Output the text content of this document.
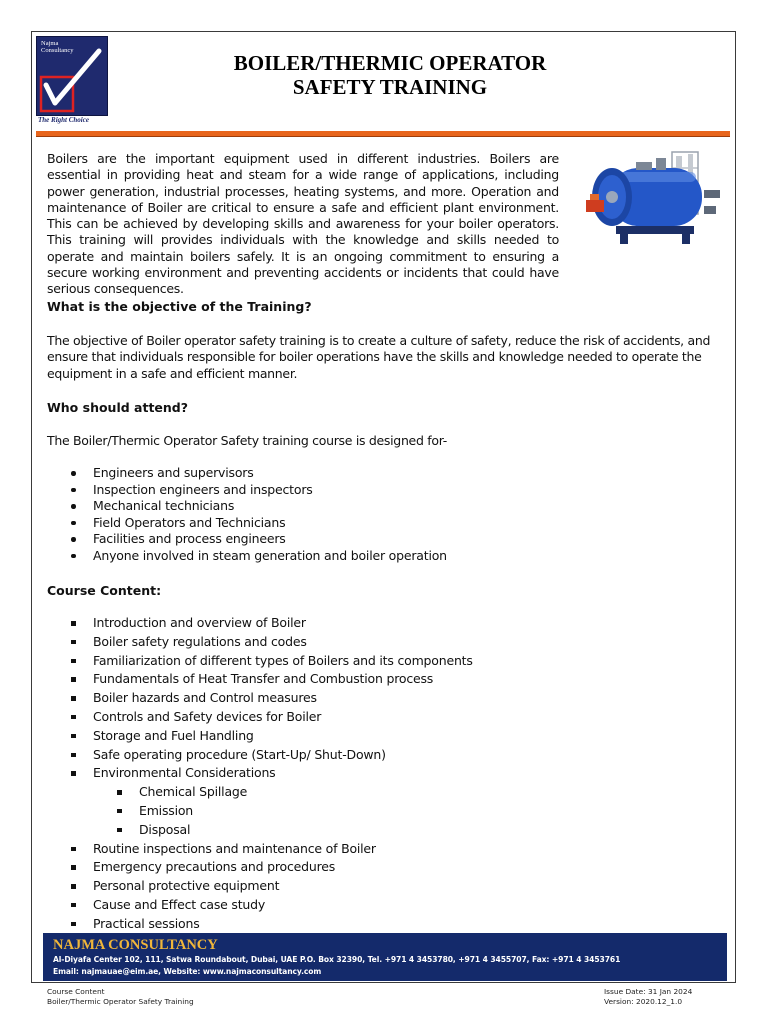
Najma
Consultancy
The Right Choice
BOILER/THERMIC OPERATOR
SAFETY TRAINING
Boilers are the important equipment used in different industries. Boilers are essential in providing heat and steam for a wide range of applications, including power generation, industrial processes, heating systems, and more. Operation and maintenance of Boiler are critical to ensure a safe and efficient plant environment. This can be achieved by developing skills and awareness for your boiler operators. This training will provides individuals with the knowledge and skills needed to operate and maintain boilers safely. It is an ongoing commitment to ensuring a secure working environment and preventing accidents or incidents that could have serious consequences.
What is the objective of the Training?
The objective of Boiler operator safety training is to create a culture of safety, reduce the risk of accidents, and ensure that individuals responsible for boiler operations have the skills and knowledge needed to operate the equipment in a safe and efficient manner.
Who should attend?
The Boiler/Thermic Operator Safety training course is designed for-
Engineers and supervisors
Inspection engineers and inspectors
Mechanical technicians
Field Operators and Technicians
Facilities and process engineers
Anyone involved in steam generation and boiler operation
Course Content:
Introduction and overview of Boiler
Boiler safety regulations and codes
Familiarization of different types of Boilers and its components
Fundamentals of Heat Transfer and Combustion process
Boiler hazards and Control measures
Controls and Safety devices for Boiler
Storage and Fuel Handling
Safe operating procedure (Start-Up/ Shut-Down)
Environmental Considerations
Chemical Spillage
Emission
Disposal
Routine inspections and maintenance of Boiler
Emergency precautions and procedures
Personal protective equipment
Cause and Effect case study
Practical sessions
NAJMA CONSULTANCY
Al-Diyafa Center 102, 111, Satwa Roundabout, Dubai, UAE P.O. Box 32390, Tel. +971 4 3453780, +971 4 3455707, Fax: +971 4 3453761
Email: najmauae@eim.ae, Website: www.najmaconsultancy.com
Course Content
Boiler/Thermic Operator Safety Training
Issue Date: 31 Jan 2024
Version: 2020.12_1.0
